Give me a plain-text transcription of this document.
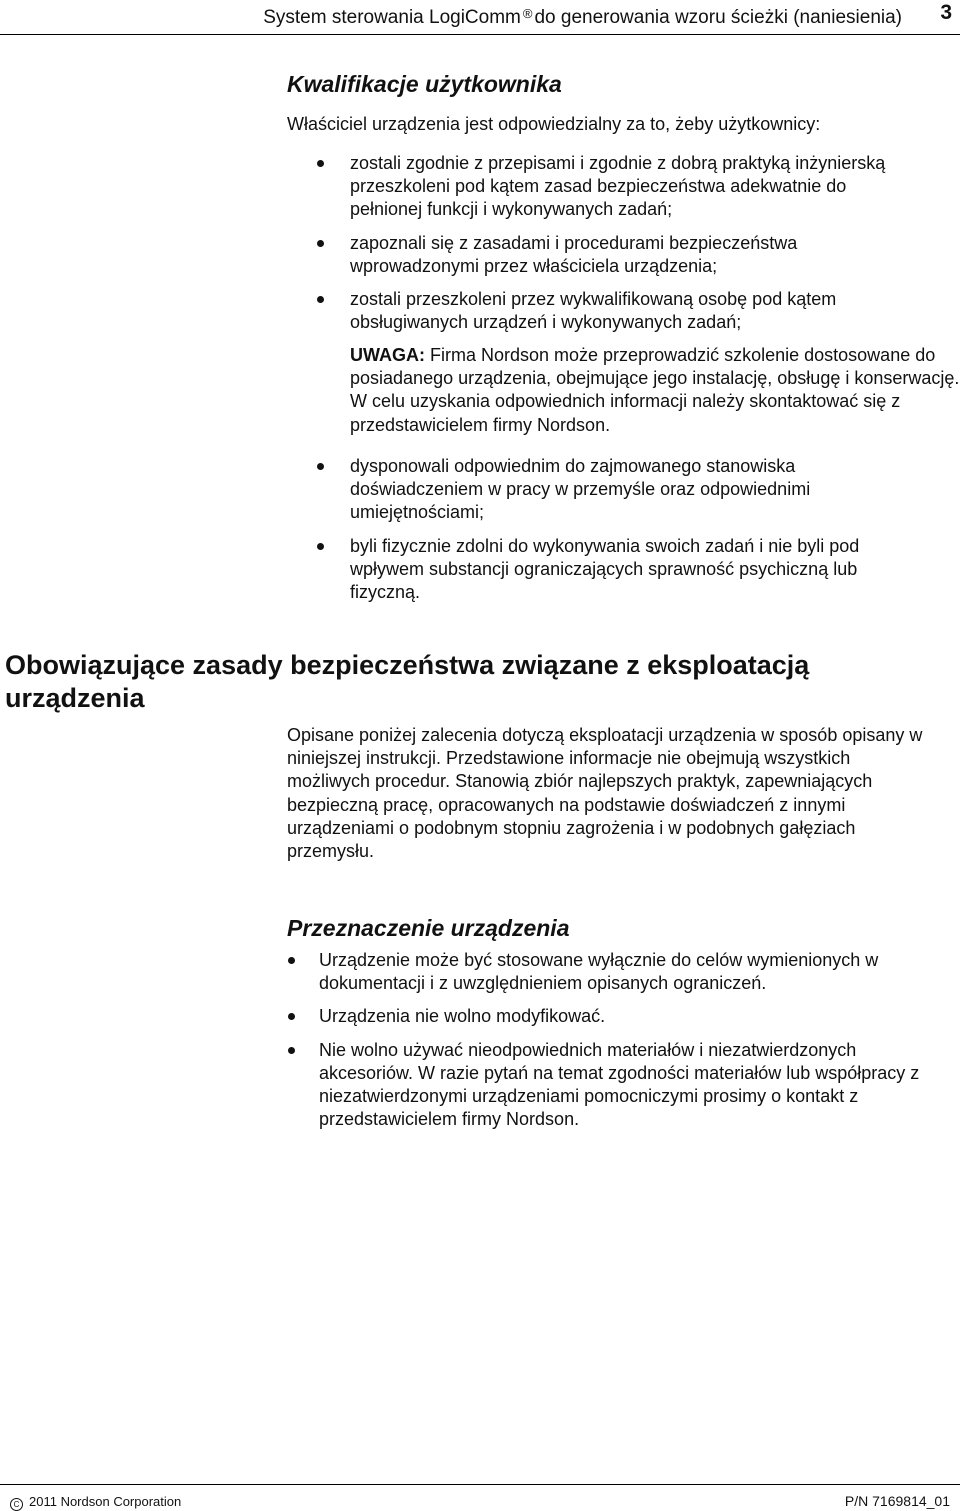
System sterowania LogiComm ® do generowania wzoru ścieżki (naniesienia) 3
Kwalifikacje użytkownika
Właściciel urządzenia jest odpowiedzialny za to, żeby użytkownicy:
zostali zgodnie z przepisami i zgodnie z dobrą praktyką inżynierską przeszkoleni pod kątem zasad bezpieczeństwa adekwatnie do pełnionej funkcji i wykonywanych zadań;
zapoznali się z zasadami i procedurami bezpieczeństwa wprowadzonymi przez właściciela urządzenia;
zostali przeszkoleni przez wykwalifikowaną osobę pod kątem obsługiwanych urządzeń i wykonywanych zadań;
UWAGA: Firma Nordson może przeprowadzić szkolenie dostosowane do posiadanego urządzenia, obejmujące jego instalację, obsługę i konserwację. W celu uzyskania odpowiednich informacji należy skontaktować się z przedstawicielem firmy Nordson.
dysponowali odpowiednim do zajmowanego stanowiska doświadczeniem w pracy w przemyśle oraz odpowiednimi umiejętnościami;
byli fizycznie zdolni do wykonywania swoich zadań i nie byli pod wpływem substancji ograniczających sprawność psychiczną lub fizyczną.
Obowiązujące zasady bezpieczeństwa związane z eksploatacją urządzenia
Opisane poniżej zalecenia dotyczą eksploatacji urządzenia w sposób opisany w niniejszej instrukcji. Przedstawione informacje nie obejmują wszystkich możliwych procedur. Stanowią zbiór najlepszych praktyk, zapewniających bezpieczną pracę, opracowanych na podstawie doświadczeń z innymi urządzeniami o podobnym stopniu zagrożenia i w podobnych gałęziach przemysłu.
Przeznaczenie urządzenia
Urządzenie może być stosowane wyłącznie do celów wymienionych w dokumentacji i z uwzględnieniem opisanych ograniczeń.
Urządzenia nie wolno modyfikować.
Nie wolno używać nieodpowiednich materiałów i niezatwierdzonych akcesoriów. W razie pytań na temat zgodności materiałów lub współpracy z niezatwierdzonymi urządzeniami pomocniczymi prosimy o kontakt z przedstawicielem firmy Nordson.
C 2011 Nordson Corporation	P/N 7169814_01
